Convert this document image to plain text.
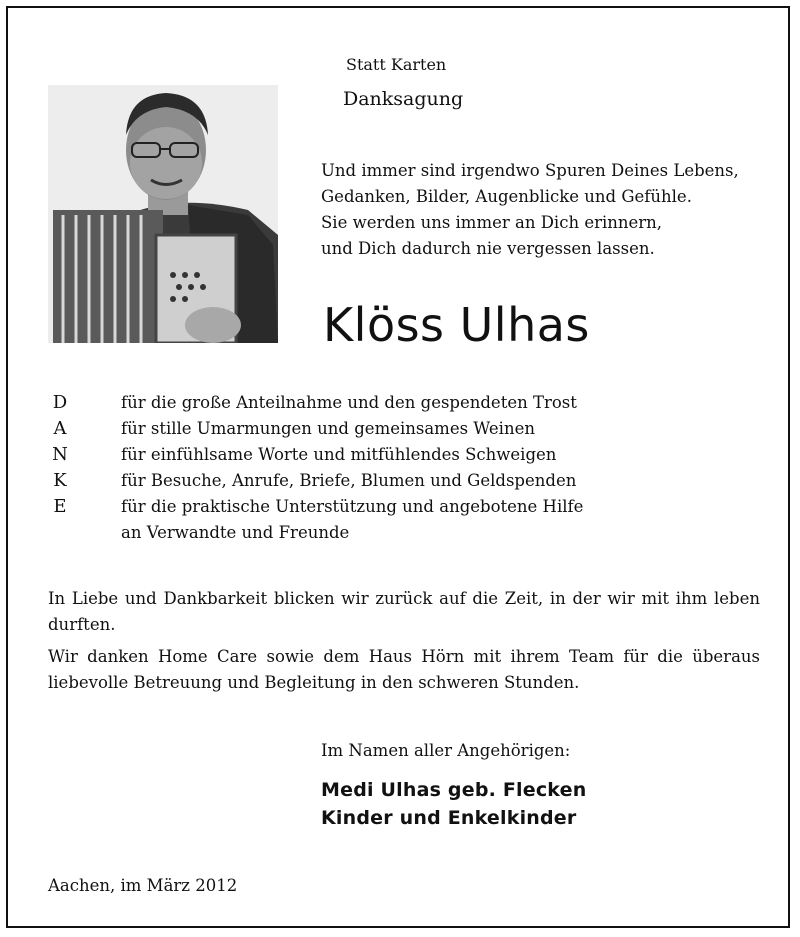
Statt Karten
Danksagung
Und immer sind irgendwo Spuren Deines Lebens,
Gedanken, Bilder, Augenblicke und Gefühle.
Sie werden uns immer an Dich erinnern,
und Dich dadurch nie vergessen lassen.
Klöss Ulhas
D
A
N
K
E
für die große Anteilnahme und den gespendeten Trost
für stille Umarmungen und gemeinsames Weinen
für einfühlsame Worte und mitfühlendes Schweigen
für Besuche, Anrufe, Briefe, Blumen und Geldspenden
für die praktische Unterstützung und angebotene Hilfe
an Verwandte und Freunde
In Liebe und Dankbarkeit blicken wir zurück auf die Zeit, in der wir mit ihm leben durften.
Wir danken Home Care sowie dem Haus Hörn mit ihrem Team für die überaus liebevolle Betreuung und Begleitung in den schweren Stunden.
Im Namen aller Angehörigen:
Medi Ulhas geb. Flecken
Kinder und Enkelkinder
Aachen, im März 2012
